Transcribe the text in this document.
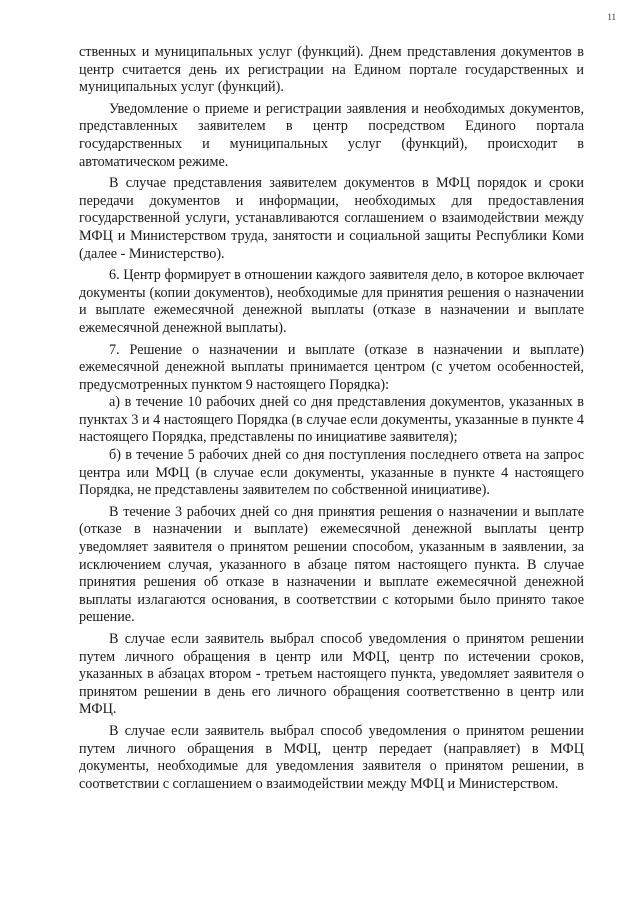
11

ственных и муниципальных услуг (функций). Днем представления документов в центр считается день их регистрации на Едином портале государственных и муниципальных услуг (функций).

Уведомление о приеме и регистрации заявления и необходимых документов, представленных заявителем в центр посредством Единого портала государственных и муниципальных услуг (функций), происходит в автоматическом режиме.

В случае представления заявителем документов в МФЦ порядок и сроки передачи документов и информации, необходимых для предоставления государственной услуги, устанавливаются соглашением о взаимодействии между МФЦ и Министерством труда, занятости и социальной защиты Республики Коми (далее - Министерство).

6. Центр формирует в отношении каждого заявителя дело, в которое включает документы (копии документов), необходимые для принятия решения о назначении и выплате ежемесячной денежной выплаты (отказе в назначении и выплате ежемесячной денежной выплаты).

7. Решение о назначении и выплате (отказе в назначении и выплате) ежемесячной денежной выплаты принимается центром (с учетом особенностей, предусмотренных пунктом 9 настоящего Порядка):

а) в течение 10 рабочих дней со дня представления документов, указанных в пунктах 3 и 4 настоящего Порядка (в случае если документы, указанные в пункте 4 настоящего Порядка, представлены по инициативе заявителя);

б) в течение 5 рабочих дней со дня поступления последнего ответа на запрос центра или МФЦ (в случае если документы, указанные в пункте 4 настоящего Порядка, не представлены заявителем по собственной инициативе).

В течение 3 рабочих дней со дня принятия решения о назначении и выплате (отказе в назначении и выплате) ежемесячной денежной выплаты центр уведомляет заявителя о принятом решении способом, указанным в заявлении, за исключением случая, указанного в абзаце пятом настоящего пункта. В случае принятия решения об отказе в назначении и выплате ежемесячной денежной выплаты излагаются основания, в соответствии с которыми было принято такое решение.

В случае если заявитель выбрал способ уведомления о принятом решении путем личного обращения в центр или МФЦ, центр по истечении сроков, указанных в абзацах втором - третьем настоящего пункта, уведомляет заявителя о принятом решении в день его личного обращения соответственно в центр или МФЦ.

В случае если заявитель выбрал способ уведомления о принятом решении путем личного обращения в МФЦ, центр передает (направляет) в МФЦ документы, необходимые для уведомления заявителя о принятом решении, в соответствии с соглашением о взаимодействии между МФЦ и Министерством.
